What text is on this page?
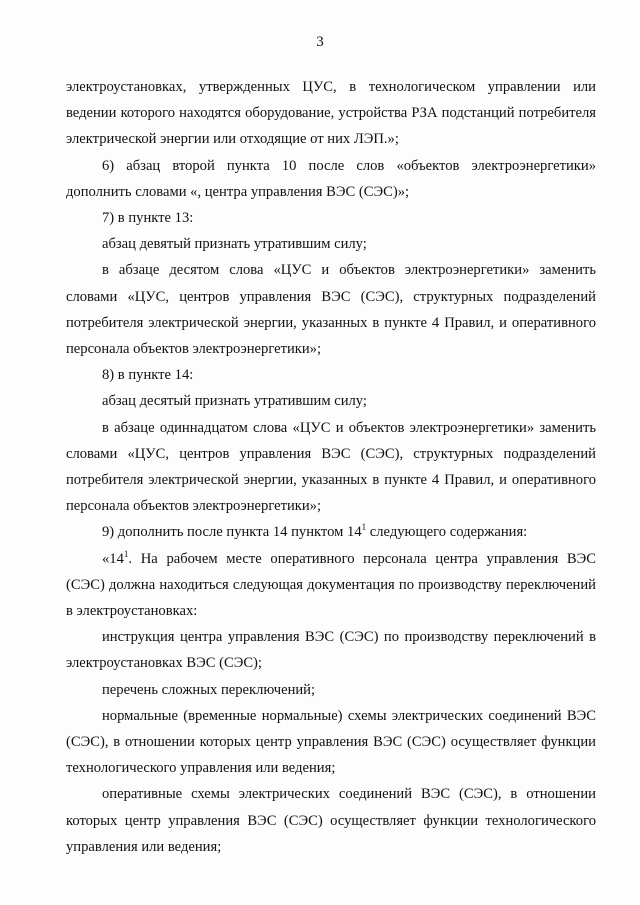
3

электроустановках, утвержденных ЦУС, в технологическом управлении или ведении которого находятся оборудование, устройства РЗА подстанций потребителя электрической энергии или отходящие от них ЛЭП.»;

6) абзац второй пункта 10 после слов «объектов электроэнергетики» дополнить словами «, центра управления ВЭС (СЭС)»;

7) в пункте 13:

абзац девятый признать утратившим силу;

в абзаце десятом слова «ЦУС и объектов электроэнергетики» заменить словами «ЦУС, центров управления ВЭС (СЭС), структурных подразделений потребителя электрической энергии, указанных в пункте 4 Правил, и оперативного персонала объектов электроэнергетики»;

8) в пункте 14:

абзац десятый признать утратившим силу;

в абзаце одиннадцатом слова «ЦУС и объектов электроэнергетики» заменить словами «ЦУС, центров управления ВЭС (СЭС), структурных подразделений потребителя электрической энергии, указанных в пункте 4 Правил, и оперативного персонала объектов электроэнергетики»;

9) дополнить после пункта 14 пунктом $14^1$ следующего содержания:

«$14^1$. На рабочем месте оперативного персонала центра управления ВЭС (СЭС) должна находиться следующая документация по производству переключений в электроустановках:

инструкция центра управления ВЭС (СЭС) по производству переключений в электроустановках ВЭС (СЭС);

перечень сложных переключений;

нормальные (временные нормальные) схемы электрических соединений ВЭС (СЭС), в отношении которых центр управления ВЭС (СЭС) осуществляет функции технологического управления или ведения;

оперативные схемы электрических соединений ВЭС (СЭС), в отношении которых центр управления ВЭС (СЭС) осуществляет функции технологического управления или ведения;
